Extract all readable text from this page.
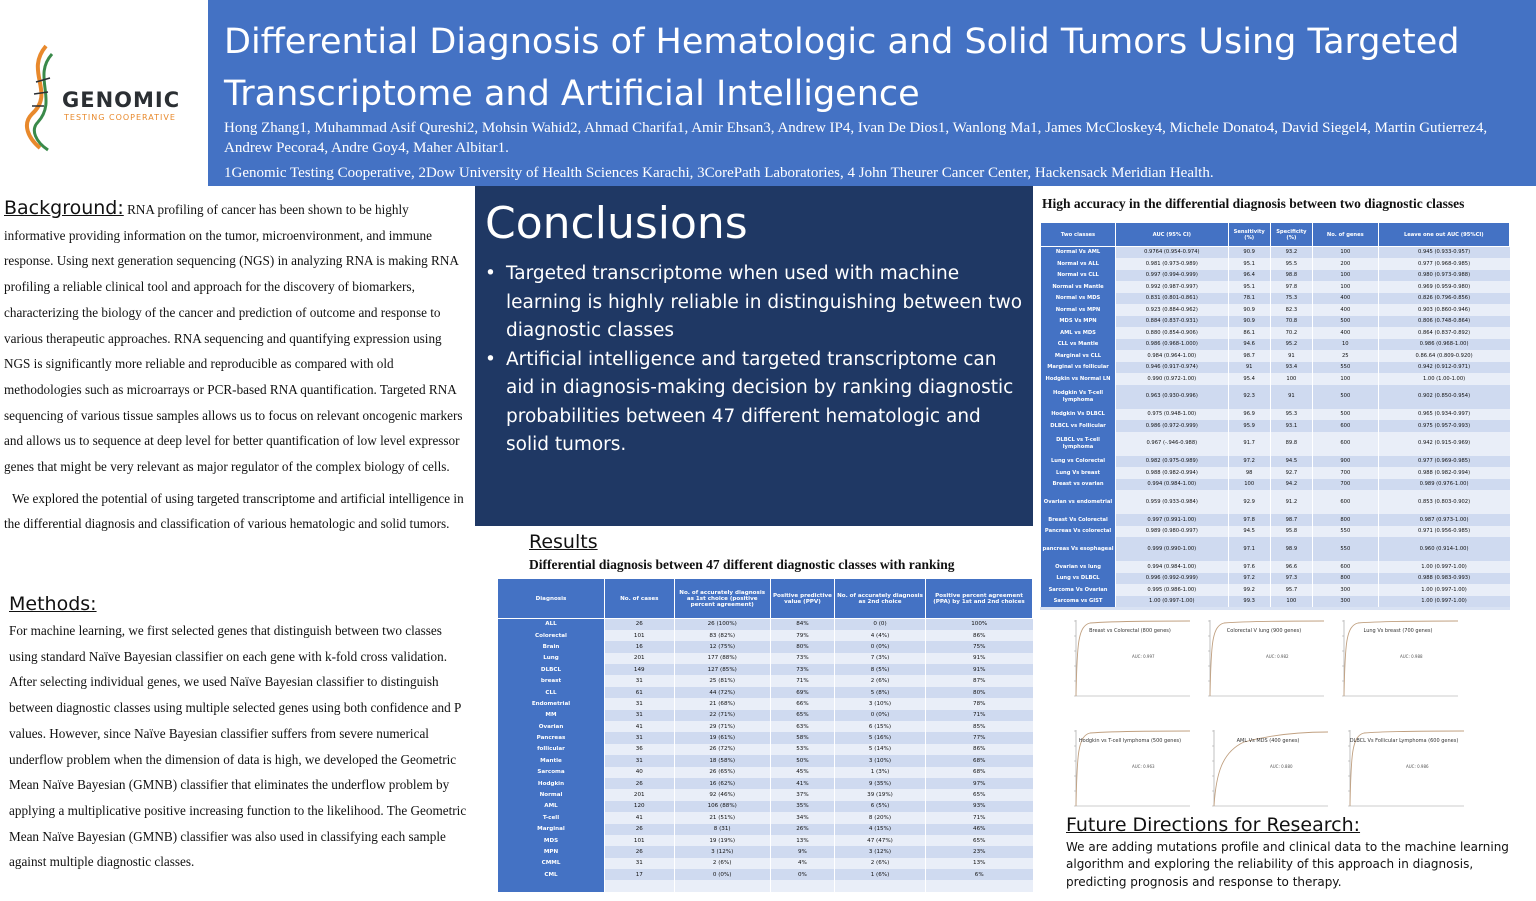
GENOMIC
TESTING COOPERATIVE
Differential Diagnosis of Hematologic and Solid Tumors Using Targeted Transcriptome and Artificial Intelligence
Hong Zhang1, Muhammad Asif Qureshi2, Mohsin Wahid2, Ahmad Charifa1, Amir Ehsan3, Andrew IP4, Ivan De Dios1, Wanlong Ma1, James McCloskey4, Michele Donato4, David Siegel4, Martin Gutierrez4, Andrew Pecora4, Andre Goy4, Maher Albitar1.
1Genomic Testing Cooperative, 2Dow University of Health Sciences Karachi, 3CorePath Laboratories, 4 John Theurer Cancer Center, Hackensack Meridian Health.
Background: RNA profiling of cancer has been shown to be highly informative providing information on the tumor, microenvironment, and immune response. Using next generation sequencing (NGS) in analyzing RNA is making RNA profiling a reliable clinical tool and approach for the discovery of biomarkers, characterizing the biology of the cancer and prediction of outcome and response to various therapeutic approaches. RNA sequencing and quantifying expression using NGS is significantly more reliable and reproducible as compared with old methodologies such as microarrays or PCR-based RNA quantification. Targeted RNA sequencing of various tissue samples allows us to focus on relevant oncogenic markers and allows us to sequence at deep level for better quantification of low level expressor genes that might be very relevant as major regulator of the complex biology of cells.
We explored the potential of using targeted transcriptome and artificial intelligence in the differential diagnosis and classification of various hematologic and solid tumors.
Methods:
For machine learning, we first selected genes that distinguish between two classes using standard Naïve Bayesian classifier on each gene with k-fold cross validation. After selecting individual genes, we used Naïve Bayesian classifier to distinguish between diagnostic classes using multiple selected genes using both confidence and P values. However, since Naïve Bayesian classifier suffers from severe numerical underflow problem when the dimension of data is high, we developed the Geometric Mean Naïve Bayesian (GMNB) classifier that eliminates the underflow problem by applying a multiplicative positive increasing function to the likelihood. The Geometric Mean Naïve Bayesian (GMNB) classifier was also used in classifying each sample against multiple diagnostic classes.
Conclusions
• Targeted transcriptome when used with machine learning is highly reliable in distinguishing between two diagnostic classes
• Artificial intelligence and targeted transcriptome can aid in diagnosis-making decision by ranking diagnostic probabilities between 47 different hematologic and solid tumors.
Results
Differential diagnosis between 47 different diagnostic classes with ranking
Diagnosis	No. of cases	No. of accurately diagnosis as 1st choice (positive percent agreement)	Positive predictive value (PPV)	No. of accurately diagnosis as 2nd choice	Positive percent agreement (PPA) by 1st and 2nd choices
ALL	26	26 (100%)	84%	0 (0)	100%
Colorectal	101	83 (82%)	79%	4 (4%)	86%
Brain	16	12 (75%)	80%	0 (0%)	75%
Lung	201	177 (88%)	73%	7 (3%)	91%
DLBCL	149	127 (85%)	73%	8 (5%)	91%
breast	31	25 (81%)	71%	2 (6%)	87%
CLL	61	44 (72%)	69%	5 (8%)	80%
Endometrial	31	21 (68%)	66%	3 (10%)	78%
MM	31	22 (71%)	65%	0 (0%)	71%
Ovarian	41	29 (71%)	63%	6 (15%)	85%
Pancreas	31	19 (61%)	58%	5 (16%)	77%
follicular	36	26 (72%)	53%	5 (14%)	86%
Mantle	31	18 (58%)	50%	3 (10%)	68%
Sarcoma	40	26 (65%)	45%	1 (3%)	68%
Hodgkin	26	16 (62%)	41%	9 (35%)	97%
Normal	201	92 (46%)	37%	39 (19%)	65%
AML	120	106 (88%)	35%	6 (5%)	93%
T-cell	41	21 (51%)	34%	8 (20%)	71%
Marginal	26	8 (31)	26%	4 (15%)	46%
MDS	101	19 (19%)	13%	47 (47%)	65%
MPN	26	3 (12%)	9%	3 (12%)	23%
CMML	31	2 (6%)	4%	2 (6%)	13%
CML	17	0 (0%)	0%	1 (6%)	6%

High accuracy in the differential diagnosis between two diagnostic classes
Two classes	AUC (95% CI)	Sensitivity (%)	Specificity (%)	No. of genes	Leave one out AUC (95%CI)
Normal Vs AML	0.9764 (0.954-0.974)	90.9	93.2	100	0.945 (0.933-0.957)
Normal vs ALL	0.981 (0.973-0.989)	95.1	95.5	200	0.977 (0.968-0.985)
Normal vs CLL	0.997 (0.994-0.999)	96.4	98.8	100	0.980 (0.973-0.988)
Normal vs Mantle	0.992 (0.987-0.997)	95.1	97.8	100	0.969 (0.959-0.980)
Normal vs MDS	0.831 (0.801-0.861)	78.1	75.3	400	0.826 (0.796-0.856)
Normal vs MPN	0.923 (0.884-0.962)	90.9	82.3	400	0.903 (0.860-0.946)
MDS Vs MPN	0.884 (0.837-0.931)	90.9	70.8	500	0.806 (0.748-0.864)
AML vs MDS	0.880 (0.854-0.906)	86.1	70.2	400	0.864 (0.837-0.892)
CLL vs Mantle	0.986 (0.968-1.000)	94.6	95.2	10	0.986 (0.968-1.00)
Marginal vs CLL	0.984 (0.964-1.00)	98.7	91	25	0.86.64 (0.809-0.920)
Marginal vs follicular	0.946 (0.917-0.974)	91	93.4	550	0.942 (0.912-0.971)
Hodgkin vs Normal LN	0.990 (0.972-1.00)	95.4	100	100	1.00 (1.00-1.00)
Hodgkin Vs T-cell lymphoma	0.963 (0.930-0.996)	92.3	91	500	0.902 (0.850-0.954)
Hodgkin Vs DLBCL	0.975 (0.948-1.00)	96.9	95.3	500	0.965 (0.934-0.997)
DLBCL vs Follicular	0.986 (0.972-0.999)	95.9	93.1	600	0.975 (0.957-0.993)
DLBCL vs T-cell lymphoma	0.967 (-.946-0.988)	91.7	89.8	600	0.942 (0.915-0.969)
Lung vs Colorectal	0.982 (0.975-0.989)	97.2	94.5	900	0.977 (0.969-0.985)
Lung Vs breast	0.988 (0.982-0.994)	98	92.7	700	0.988 (0.982-0.994)
Breast vs ovarian	0.994 (0.984-1.00)	100	94.2	700	0.989 (0.976-1.00)
Ovarian vs endometrial	0.959 (0.933-0.984)	92.9	91.2	600	0.853 (0.803-0.902)
Breast Vs Colorectal	0.997 (0.991-1.00)	97.8	98.7	800	0.987 (0.973-1.00)
Pancreas Vs colorectal	0.989 (0.980-0.997)	94.5	95.8	550	0.971 (0.956-0.985)
pancreas Vs esophageal	0.999 (0.990-1.00)	97.1	98.9	550	0.960 (0.914-1.00)
Ovarian vs lung	0.994 (0.984-1.00)	97.6	96.6	600	1.00 (0.997-1.00)
Lung vs DLBCL	0.996 (0.992-0.999)	97.2	97.3	800	0.988 (0.983-0.993)
Sarcoma Vs Ovarian	0.995 (0.986-1.00)	99.2	95.7	300	1.00 (0.997-1.00)
Sarcoma vs GIST	1.00 (0.997-1.00)	99.3	100	300	1.00 (0.997-1.00)
Breast vs Colorectal (800 genes)
AUC: 0.997
Colorectal V lung (900 genes)
AUC: 0.982
Lung Vs breast (700 genes)
AUC: 0.988
Hodgkin vs T-cell lymphoma (500 genes)
AUC: 0.963
AML Vs MDS (400 genes)
AUC: 0.880
DLBCL Vs Follicular Lymphoma (600 genes)
AUC: 0.986
Future Directions for Research:
We are adding mutations profile and clinical data to the machine learning algorithm and exploring the reliability of this approach in diagnosis, predicting prognosis and response to therapy.
